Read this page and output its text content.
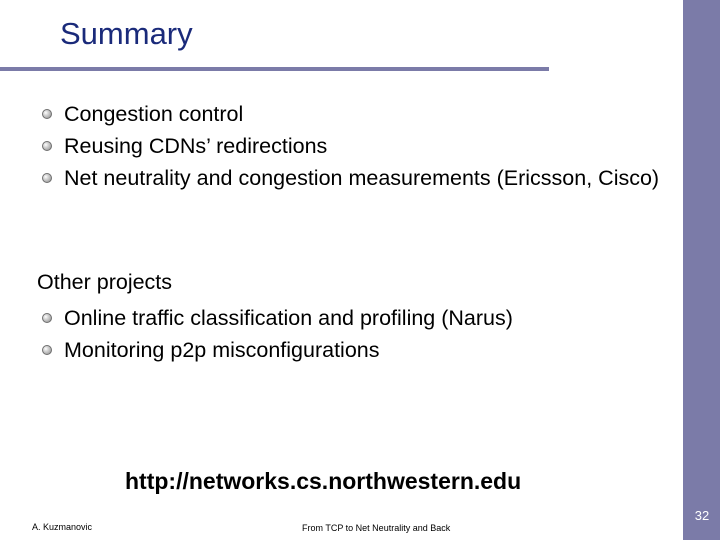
Summary
Congestion control
Reusing CDNs’ redirections
Net neutrality and congestion measurements (Ericsson, Cisco)
Other projects
Online traffic classification and profiling (Narus)
Monitoring p2p misconfigurations
http://networks.cs.northwestern.edu
A. Kuzmanovic	From TCP to Net Neutrality and Back
32
